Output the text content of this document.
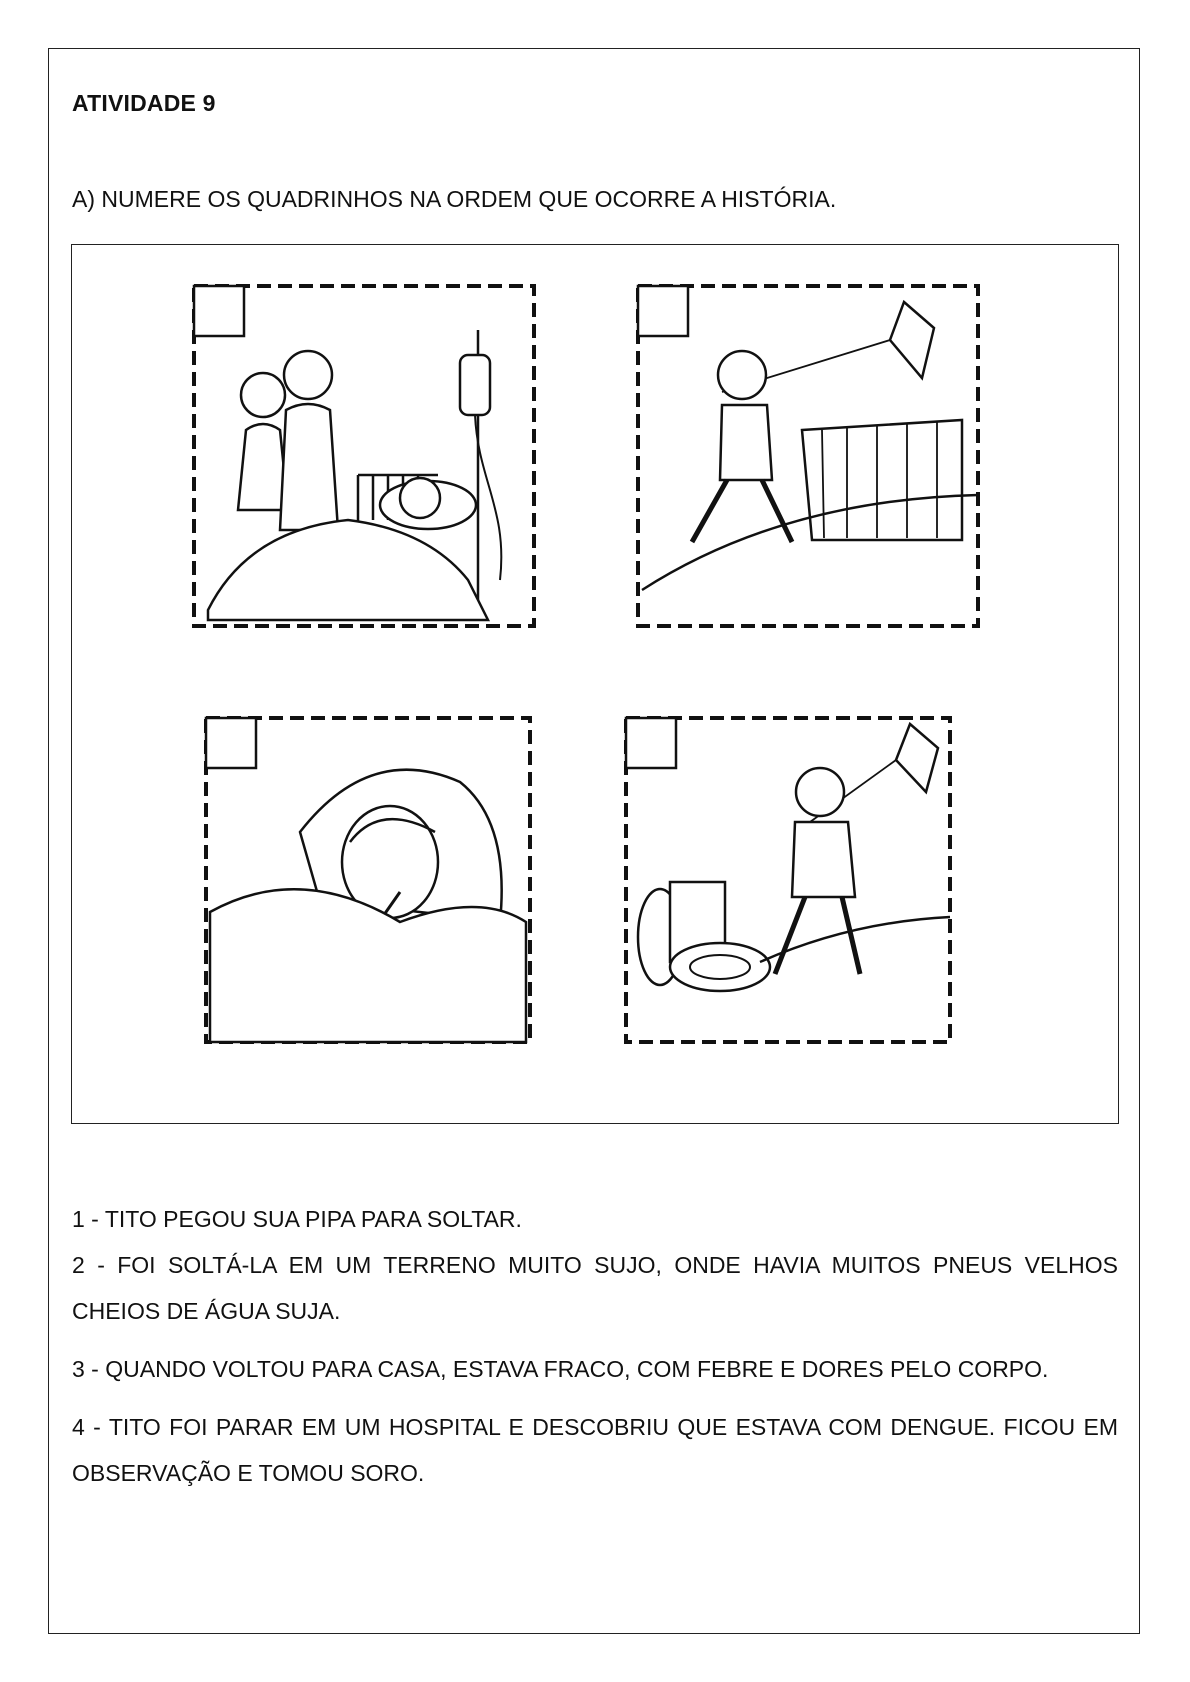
ATIVIDADE 9
A) NUMERE OS QUADRINHOS NA ORDEM QUE OCORRE A HISTÓRIA.

1 - TITO PEGOU SUA PIPA PARA SOLTAR.

2 - FOI SOLTÁ-LA EM UM TERRENO MUITO SUJO, ONDE HAVIA MUITOS PNEUS VELHOS CHEIOS DE ÁGUA SUJA.

3 - QUANDO VOLTOU PARA CASA, ESTAVA FRACO, COM FEBRE E DORES PELO CORPO.

4 - TITO FOI PARAR EM UM HOSPITAL E DESCOBRIU QUE ESTAVA COM DENGUE. FICOU EM OBSERVAÇÃO E TOMOU SORO.
